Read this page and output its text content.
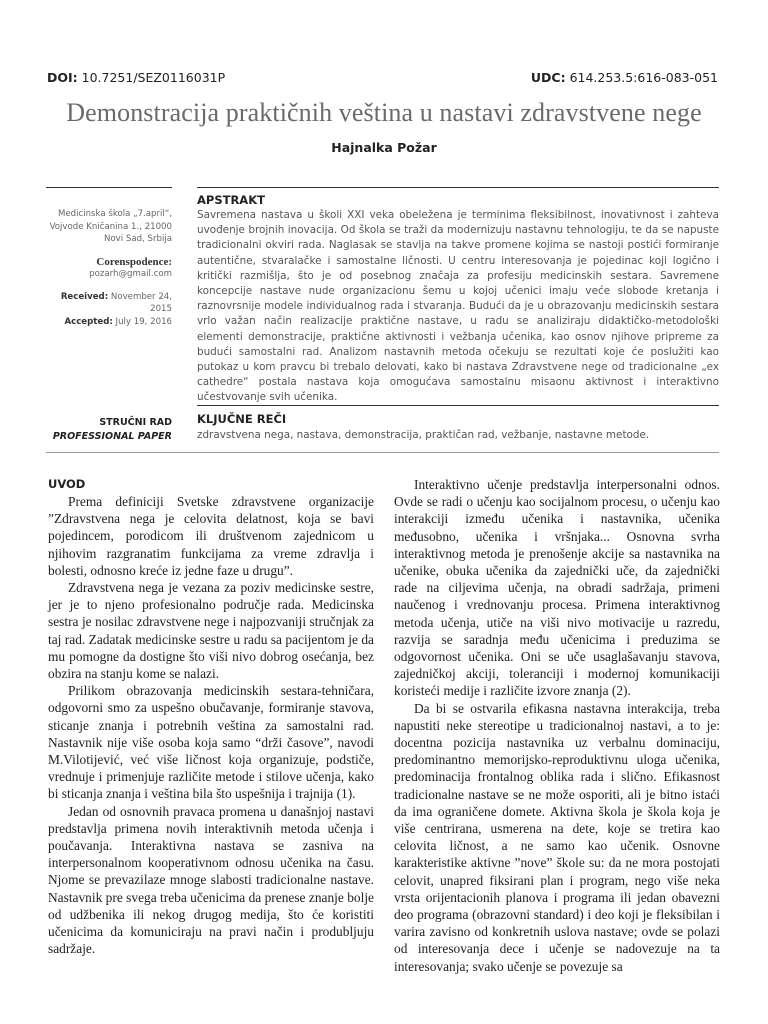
DOI: 10.7251/SEZ0116031P	UDC: 614.253.5:616-083-051
Demonstracija praktičnih veština u nastavi zdravstvene nege
Hajnalka Požar
Medicinska škola „7.april“,
Vojvode Kničanina 1., 21000
Novi Sad, Srbija
Corenspodence:
pozarh@gmail.com
Received: November 24, 2015
Accepted: July 19, 2016
STRUČNI RAD
PROFESSIONAL PAPER
APSTRAKT
Savremena nastava u školi XXI veka obeležena je terminima fleksibilnost, inovativnost i zahteva uvođenje brojnih inovacija. Od škola se traži da modernizuju nastavnu tehnologiju, te da se napuste tradicionalni okviri rada. Naglasak se stavlja na takve promene kojima se nastoji postići formiranje autentične, stvaralačke i samostalne ličnosti. U centru interesovanja je pojedinac koji logično i kritički razmišlja, što je od posebnog značaja za profesiju medicinskih sestara. Savremene koncepcije nastave nude organizacionu šemu u kojoj učenici imaju veće slobode kretanja i raznovrsnije modele individualnog rada i stvaranja. Budući da je u obrazovanju medicinskih sestara vrlo važan način realizacije praktične nastave, u radu se analiziraju didaktičko-metodološki elementi demonstracije, praktične aktivnosti i vežbanja učenika, kao osnov njihove pripreme za budući samostalni rad. Analizom nastavnih metoda očekuju se rezultati koje će poslužiti kao putokaz u kom pravcu bi trebalo delovati, kako bi nastava Zdravstvene nege od tradicionalne „ex cathedre“ postala nastava koja omogućava samostalnu misaonu aktivnost i interaktivno učestvovanje svih učenika.
KLJUČNE REČI
zdravstvena nega, nastava, demonstracija, praktičan rad, vežbanje, nastavne metode.
UVOD

Prema definiciji Svetske zdravstvene organizacije ”Zdravstvena nega je celovita delatnost, koja se bavi pojedincem, porodicom ili društvenom zajednicom u njihovim razgranatim funkcijama za vreme zdravlja i bolesti, odnosno kreće iz jedne faze u drugu”.

Zdravstvena nega je vezana za poziv medicinske sestre, jer je to njeno profesionalno područje rada. Medicinska sestra je nosilac zdravstvene nege i najpozvaniji stručnjak za taj rad. Zadatak medicinske sestre u radu sa pacijentom je da mu pomogne da dostigne što viši nivo dobrog osećanja, bez obzira na stanju kome se nalazi.

Prilikom obrazovanja medicinskih sestara-tehničara, odgovorni smo za uspešno obučavanje, formiranje stavova, sticanje znanja i potrebnih veština za samostalni rad. Nastavnik nije više osoba koja samo “drži časove”, navodi M.Vilotijević, već više ličnost koja organizuje, podstiče, vrednuje i primenjuje različite metode i stilove učenja, kako bi sticanja znanja i veština bila što uspešnija i trajnija (1).

Jedan od osnovnih pravaca promena u današnjoj nastavi predstavlja primena novih interaktivnih metoda učenja i poučavanja. Interaktivna nastava se zasniva na interpersonalnom kooperativnom odnosu učenika na času. Njome se prevazilaze mnoge slabosti tradicionalne nastave. Nastavnik pre svega treba učenicima da prenese znanje bolje od udžbenika ili nekog drugog medija, što će koristiti učenicima da komuniciraju na pravi način i produbljuju sadržaje.

Interaktivno učenje predstavlja interpersonalni odnos. Ovde se radi o učenju kao socijalnom procesu, o učenju kao interakciji između učenika i nastavnika, učenika međusobno, učenika i vršnjaka... Osnovna svrha interaktivnog metoda je prenošenje akcije sa nastavnika na učenike, obuka učenika da zajednički uče, da zajednički rade na ciljevima učenja, na obradi sadržaja, primeni naučenog i vrednovanju procesa. Primena interaktivnog metoda učenja, utiče na viši nivo motivacije u razredu, razvija se saradnja među učenicima i preduzima se odgovornost učenika. Oni se uče usaglašavanju stavova, zajedničkoj akciji, toleranciji i modernoj komunikaciji koristeći medije i različite izvore znanja (2).

Da bi se ostvarila efikasna nastavna interakcija, treba napustiti neke stereotipe u tradicionalnoj nastavi, a to je: docentna pozicija nastavnika uz verbalnu dominaciju, predominantno memorijsko-reproduktivnu uloga učenika, predominacija frontalnog oblika rada i slično. Efikasnost tradicionalne nastave se ne može osporiti, ali je bitno istaći da ima ograničene domete. Aktivna škola je škola koja je više centrirana, usmerena na dete, koje se tretira kao celovita ličnost, a ne samo kao učenik. Osnovne karakteristike aktivne ”nove” škole su: da ne mora postojati celovit, unapred fiksirani plan i program, nego više neka vrsta orijentacionih planova i programa ili jedan obavezni deo programa (obrazovni standard) i deo koji je fleksibilan i varira zavisno od konkretnih uslova nastave; ovde se polazi od interesovanja dece i učenje se nadovezuje na ta interesovanja; svako učenje se povezuje sa
